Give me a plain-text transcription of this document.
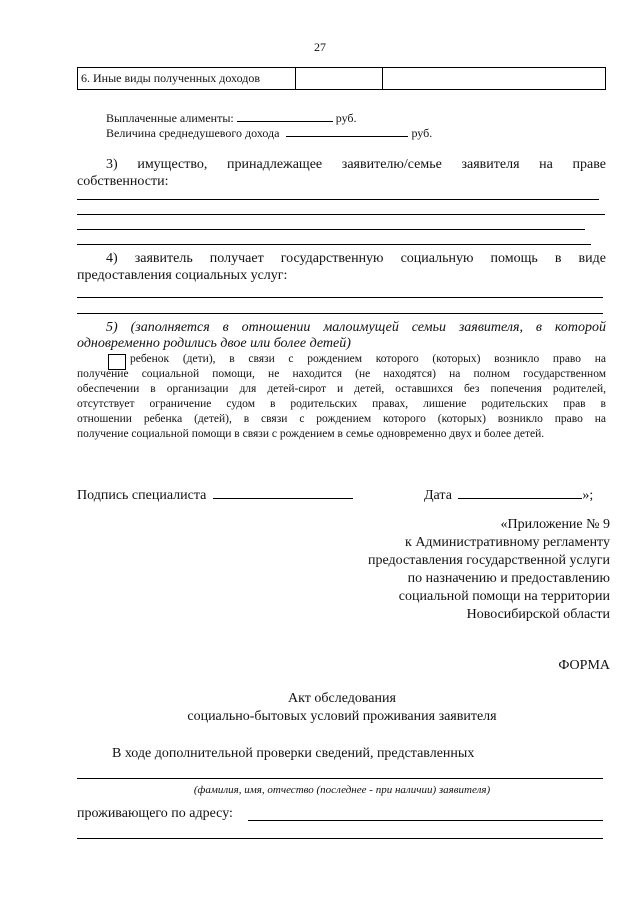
27
6. Иные виды полученных доходов		
Выплаченные алименты:	руб.
Величина среднедушевого дохода	руб.
3) имущество, принадлежащее заявителю/семье заявителя на праве
собственности:
4) заявитель получает государственную социальную помощь в виде
предоставления социальных услуг:
5) (заполняется в отношении малоимущей семьи заявителя, в которой
одновременно родились двое или более детей)
ребенок (дети), в связи с рождением которого (которых) возникло право на
получение социальной помощи, не находится (не находятся) на полном государственном
обеспечении в организации для детей-сирот и детей, оставшихся без попечения родителей,
отсутствует ограничение судом в родительских правах, лишение родительских прав в
отношении ребенка (детей), в связи с рождением которого (которых) возникло право на
получение социальной помощи в связи с рождением в семье одновременно двух и более детей.
Подпись специалиста	Дата	»;
«Приложение № 9
к Административному регламенту
предоставления государственной услуги
по назначению и предоставлению
социальной помощи на территории
Новосибирской области
ФОРМА
Акт обследования
социально-бытовых условий проживания заявителя
В ходе дополнительной проверки сведений, представленных
(фамилия, имя, отчество (последнее - при наличии) заявителя)
проживающего по адресу:
